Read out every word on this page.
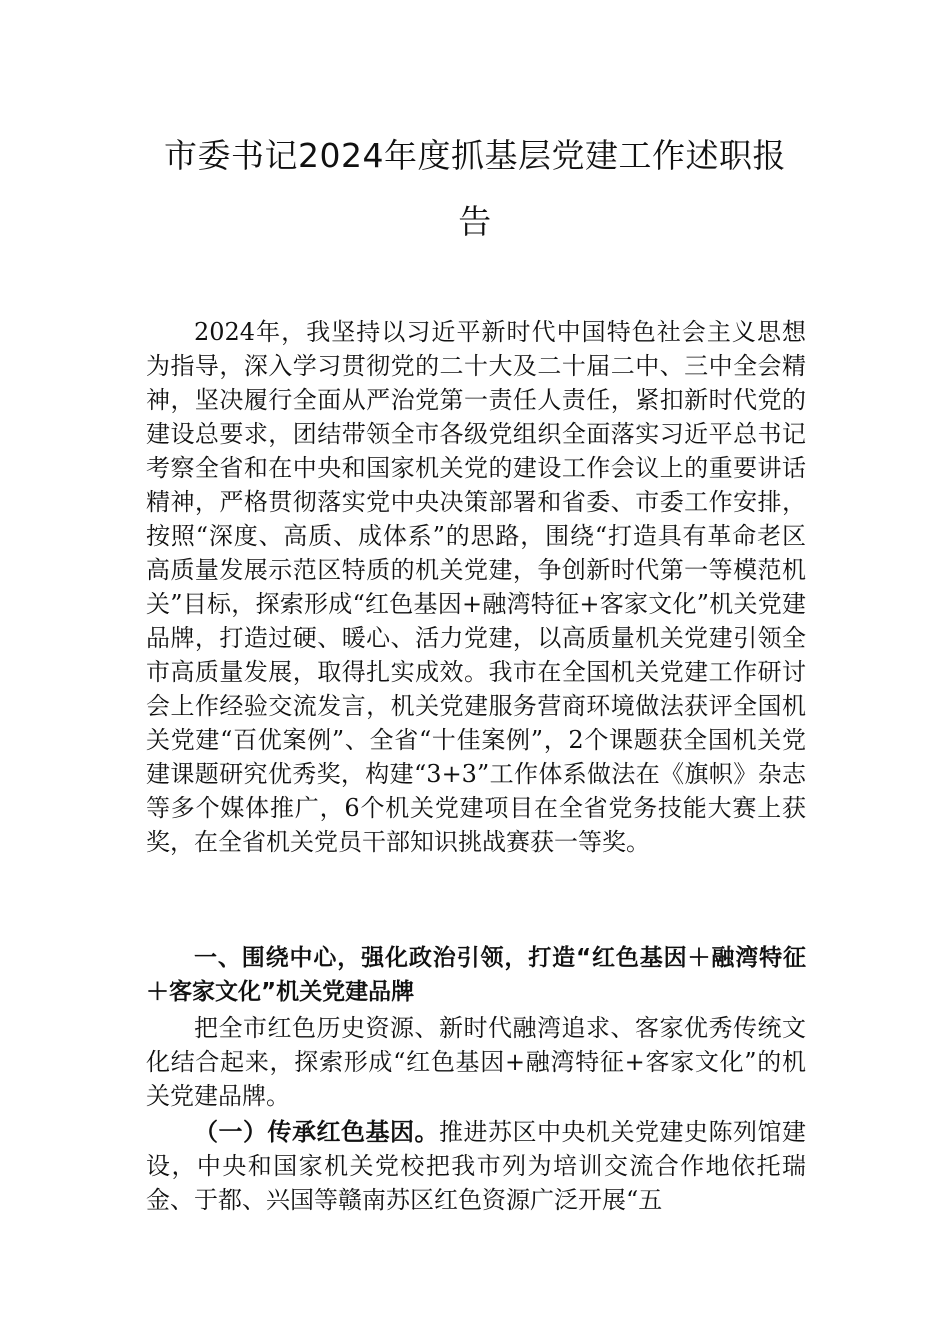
市委书记2024年度抓基层党建工作述职报
告

2024年，我坚持以习近平新时代中国特色社会主义思想为指导，深入学习贯彻党的二十大及二十届二中、三中全会精神，坚决履行全面从严治党第一责任人责任，紧扣新时代党的建设总要求，团结带领全市各级党组织全面落实习近平总书记考察全省和在中央和国家机关党的建设工作会议上的重要讲话精神，严格贯彻落实党中央决策部署和省委、市委工作安排，按照“深度、高质、成体系”的思路，围绕“打造具有革命老区高质量发展示范区特质的机关党建，争创新时代第一等模范机关”目标，探索形成“红色基因+融湾特征+客家文化”机关党建品牌，打造过硬、暖心、活力党建，以高质量机关党建引领全市高质量发展，取得扎实成效。我市在全国机关党建工作研讨会上作经验交流发言，机关党建服务营商环境做法获评全国机关党建“百优案例”、全省“十佳案例”，2个课题获全国机关党建课题研究优秀奖，构建“3+3”工作体系做法在《旗帜》杂志等多个媒体推广，6个机关党建项目在全省党务技能大赛上获奖，在全省机关党员干部知识挑战赛获一等奖。

一、围绕中心，强化政治引领，打造“红色基因＋融湾特征＋客家文化”机关党建品牌

把全市红色历史资源、新时代融湾追求、客家优秀传统文化结合起来，探索形成“红色基因+融湾特征+客家文化”的机关党建品牌。

（一）传承红色基因。推进苏区中央机关党建史陈列馆建设，中央和国家机关党校把我市列为培训交流合作地依托瑞金、于都、兴国等赣南苏区红色资源广泛开展“五
